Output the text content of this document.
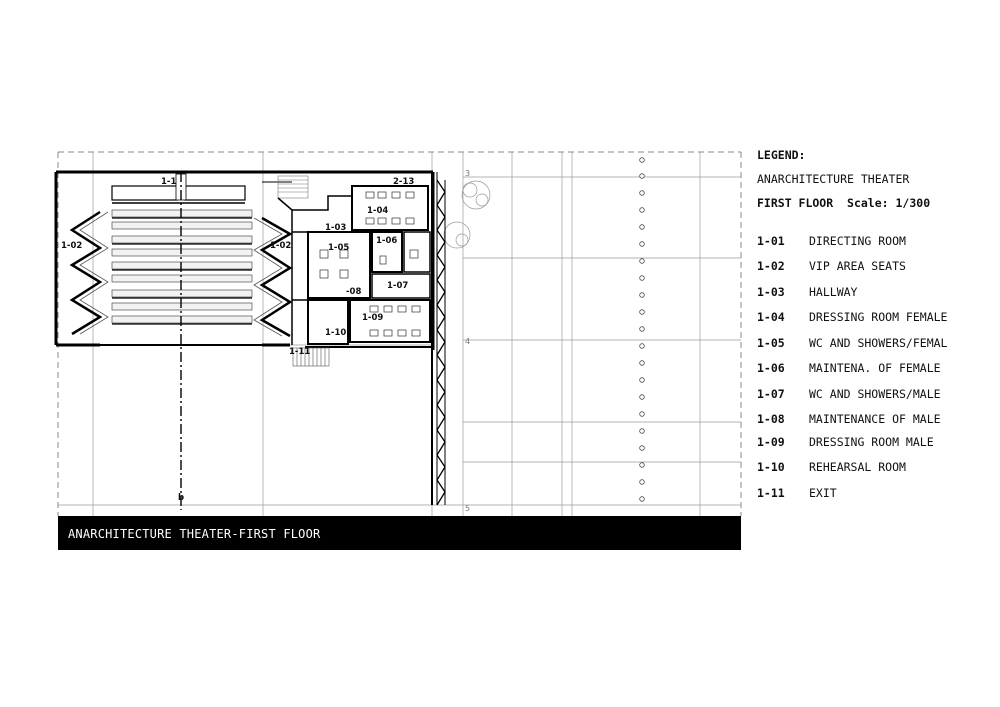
1-1	2-13
1-02	1-02
1-03
1-04
1-05
1-06
1-07
-08
1-09
1-10
1-11
b
3
4
5
ANARCHITECTURE THEATER-FIRST FLOOR
LEGEND:
ANARCHITECTURE THEATER
FIRST FLOOR Scale: 1/300
1-01 DIRECTING ROOM
1-02 VIP AREA SEATS
1-03 HALLWAY
1-04 DRESSING ROOM FEMALE
1-05 WC AND SHOWERS/FEMAL
1-06 MAINTENA. OF FEMALE
1-07 WC AND SHOWERS/MALE
1-08 MAINTENANCE OF MALE
1-09 DRESSING ROOM MALE
1-10 REHEARSAL ROOM
1-11 EXIT
